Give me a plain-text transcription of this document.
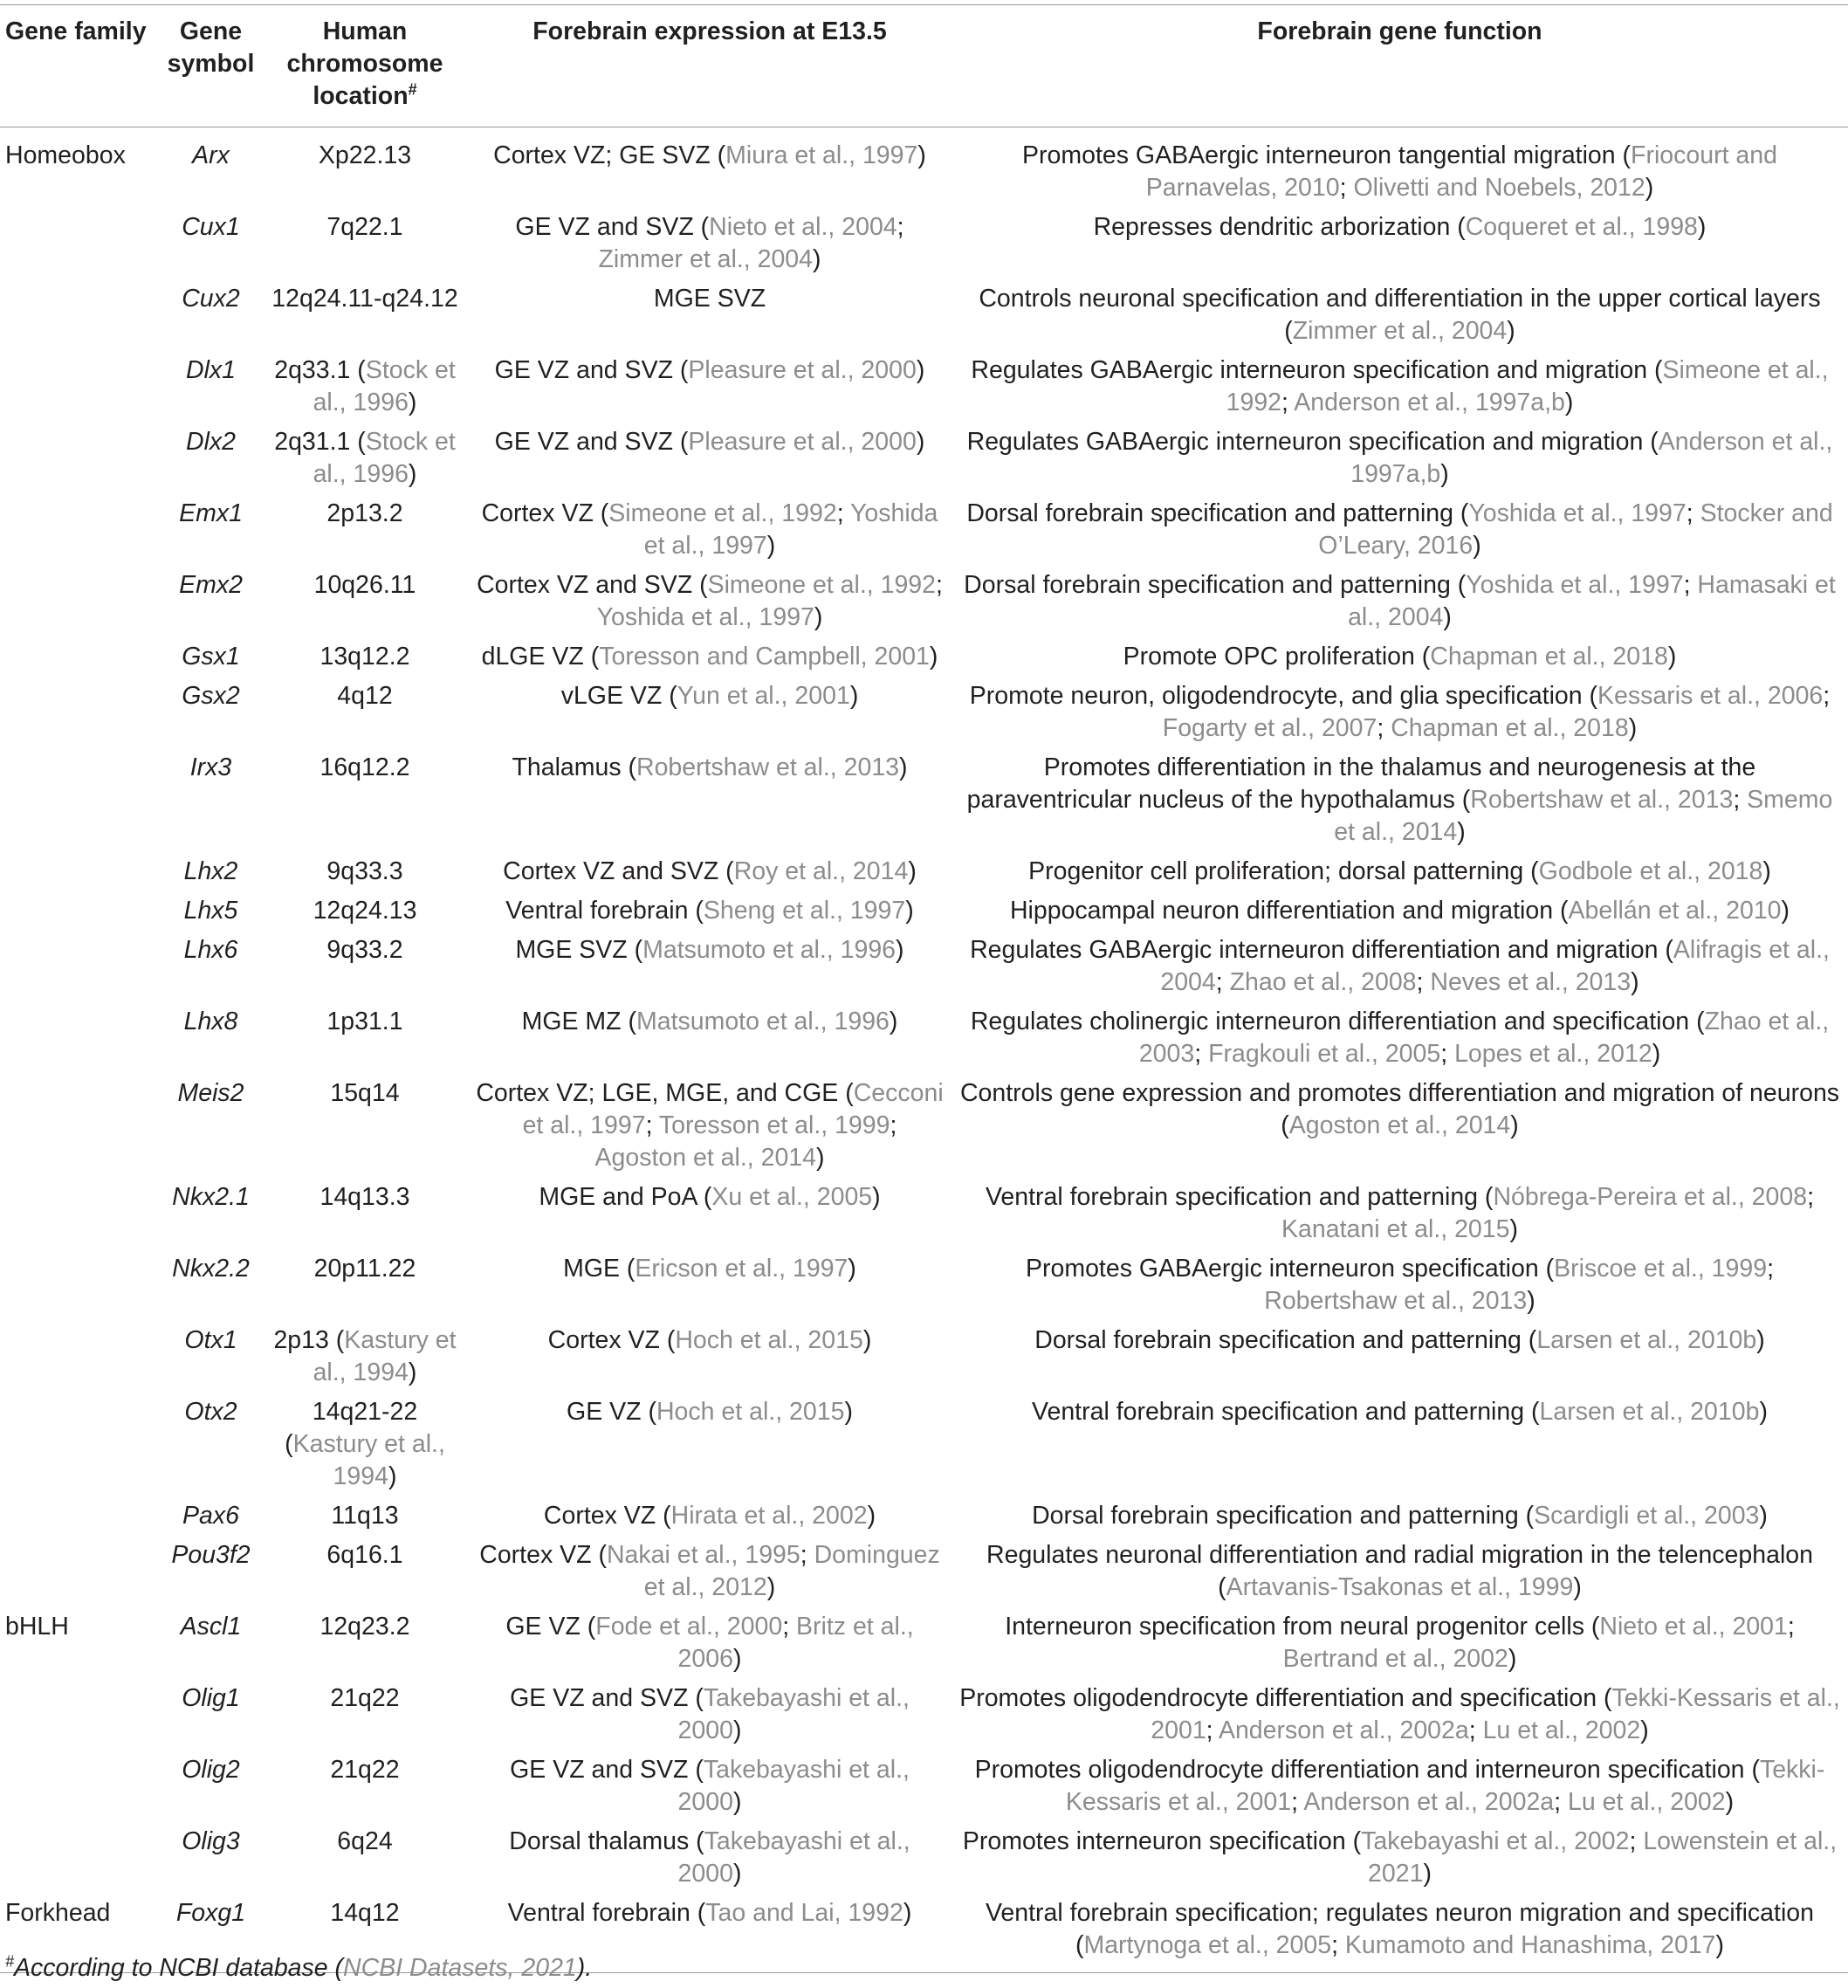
Gene family	Gene symbol	Human chromosome location#	Forebrain expression at E13.5	Forebrain gene function
Homeobox	Arx	Xp22.13	Cortex VZ; GE SVZ (Miura et al., 1997)	Promotes GABAergic interneuron tangential migration (Friocourt and Parnavelas, 2010; Olivetti and Noebels, 2012)
	Cux1	7q22.1	GE VZ and SVZ (Nieto et al., 2004; Zimmer et al., 2004)	Represses dendritic arborization (Coqueret et al., 1998)
	Cux2	12q24.11-q24.12	MGE SVZ	Controls neuronal specification and differentiation in the upper cortical layers (Zimmer et al., 2004)
	Dlx1	2q33.1 (Stock et al., 1996)	GE VZ and SVZ (Pleasure et al., 2000)	Regulates GABAergic interneuron specification and migration (Simeone et al., 1992; Anderson et al., 1997a,b)
	Dlx2	2q31.1 (Stock et al., 1996)	GE VZ and SVZ (Pleasure et al., 2000)	Regulates GABAergic interneuron specification and migration (Anderson et al., 1997a,b)
	Emx1	2p13.2	Cortex VZ (Simeone et al., 1992; Yoshida et al., 1997)	Dorsal forebrain specification and patterning (Yoshida et al., 1997; Stocker and O’Leary, 2016)
	Emx2	10q26.11	Cortex VZ and SVZ (Simeone et al., 1992; Yoshida et al., 1997)	Dorsal forebrain specification and patterning (Yoshida et al., 1997; Hamasaki et al., 2004)
	Gsx1	13q12.2	dLGE VZ (Toresson and Campbell, 2001)	Promote OPC proliferation (Chapman et al., 2018)
	Gsx2	4q12	vLGE VZ (Yun et al., 2001)	Promote neuron, oligodendrocyte, and glia specification (Kessaris et al., 2006; Fogarty et al., 2007; Chapman et al., 2018)
	Irx3	16q12.2	Thalamus (Robertshaw et al., 2013)	Promotes differentiation in the thalamus and neurogenesis at the paraventricular nucleus of the hypothalamus (Robertshaw et al., 2013; Smemo et al., 2014)
	Lhx2	9q33.3	Cortex VZ and SVZ (Roy et al., 2014)	Progenitor cell proliferation; dorsal patterning (Godbole et al., 2018)
	Lhx5	12q24.13	Ventral forebrain (Sheng et al., 1997)	Hippocampal neuron differentiation and migration (Abellán et al., 2010)
	Lhx6	9q33.2	MGE SVZ (Matsumoto et al., 1996)	Regulates GABAergic interneuron differentiation and migration (Alifragis et al., 2004; Zhao et al., 2008; Neves et al., 2013)
	Lhx8	1p31.1	MGE MZ (Matsumoto et al., 1996)	Regulates cholinergic interneuron differentiation and specification (Zhao et al., 2003; Fragkouli et al., 2005; Lopes et al., 2012)
	Meis2	15q14	Cortex VZ; LGE, MGE, and CGE (Cecconi et al., 1997; Toresson et al., 1999; Agoston et al., 2014)	Controls gene expression and promotes differentiation and migration of neurons (Agoston et al., 2014)
	Nkx2.1	14q13.3	MGE and PoA (Xu et al., 2005)	Ventral forebrain specification and patterning (Nóbrega-Pereira et al., 2008; Kanatani et al., 2015)
	Nkx2.2	20p11.22	MGE (Ericson et al., 1997)	Promotes GABAergic interneuron specification (Briscoe et al., 1999; Robertshaw et al., 2013)
	Otx1	2p13 (Kastury et al., 1994)	Cortex VZ (Hoch et al., 2015)	Dorsal forebrain specification and patterning (Larsen et al., 2010b)
	Otx2	14q21-22 (Kastury et al., 1994)	GE VZ (Hoch et al., 2015)	Ventral forebrain specification and patterning (Larsen et al., 2010b)
	Pax6	11q13	Cortex VZ (Hirata et al., 2002)	Dorsal forebrain specification and patterning (Scardigli et al., 2003)
	Pou3f2	6q16.1	Cortex VZ (Nakai et al., 1995; Dominguez et al., 2012)	Regulates neuronal differentiation and radial migration in the telencephalon (Artavanis-Tsakonas et al., 1999)
bHLH	Ascl1	12q23.2	GE VZ (Fode et al., 2000; Britz et al., 2006)	Interneuron specification from neural progenitor cells (Nieto et al., 2001; Bertrand et al., 2002)
	Olig1	21q22	GE VZ and SVZ (Takebayashi et al., 2000)	Promotes oligodendrocyte differentiation and specification (Tekki-Kessaris et al., 2001; Anderson et al., 2002a; Lu et al., 2002)
	Olig2	21q22	GE VZ and SVZ (Takebayashi et al., 2000)	Promotes oligodendrocyte differentiation and interneuron specification (Tekki-Kessaris et al., 2001; Anderson et al., 2002a; Lu et al., 2002)
	Olig3	6q24	Dorsal thalamus (Takebayashi et al., 2000)	Promotes interneuron specification (Takebayashi et al., 2002; Lowenstein et al., 2021)
Forkhead	Foxg1	14q12	Ventral forebrain (Tao and Lai, 1992)	Ventral forebrain specification; regulates neuron migration and specification (Martynoga et al., 2005; Kumamoto and Hanashima, 2017)
#According to NCBI database (NCBI Datasets, 2021).
